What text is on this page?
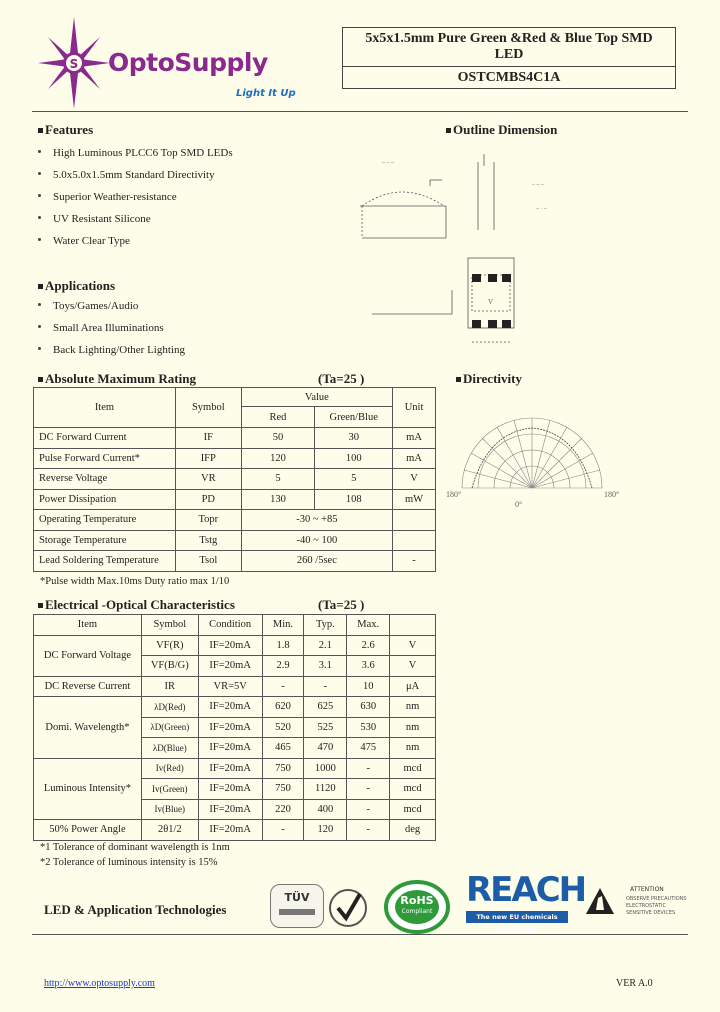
S OptoSupply
Light It Up
5x5x1.5mm Pure Green &Red & Blue Top SMD
LED
OSTCMBS4C1A
Features
High Luminous PLCC6 Top SMD LEDs
5.0x5.0x1.5mm Standard Directivity
Superior Weather-resistance
UV Resistant Silicone
Water Clear Type
Outline Dimension
– – –
– – –
– · –
V
Applications
Toys/Games/Audio
Small Area Illuminations
Back Lighting/Other Lighting
Absolute Maximum Rating	(Ta=25 )
Item	Symbol	Value		Unit
		Red	Green/Blue	
DC Forward Current	IF	50	30	mA
Pulse Forward Current*	IFP	120	100	mA
Reverse Voltage	VR	5	5	V
Power Dissipation	PD	130	108	mW
Operating Temperature	Topr	-30 ~ +85		
Storage Temperature	Tstg	-40 ~ 100		
Lead Soldering Temperature	Tsol	260 /5sec		-
*Pulse width Max.10ms Duty ratio max 1/10
Directivity
180°	180°
0°
Electrical -Optical Characteristics	(Ta=25 )
Item	Symbol	Condition	Min.	Typ.	Max.	
DC Forward Voltage	VF(R)	IF=20mA	1.8	2.1	2.6	V
	VF(B/G)	IF=20mA	2.9	3.1	3.6	V
DC Reverse Current	IR	VR=5V	-	-	10	μA
Domi. Wavelength*	λD(Red)	IF=20mA	620	625	630	nm
	λD(Green)	IF=20mA	520	525	530	nm
	λD(Blue)	IF=20mA	465	470	475	nm
Luminous Intensity*	Iv(Red)	IF=20mA	750	1000	-	mcd
	Iv(Green)	IF=20mA	750	1120	-	mcd
	Iv(Blue)	IF=20mA	220	400	-	mcd
50% Power Angle	2θ1/2	IF=20mA	-	120	-	deg
*1 Tolerance of dominant wavelength is 1nm
*2 Tolerance of luminous intensity is 15%
LED & Application Technologies
TÜV	RoHS
Compliant
REACH
The new EU chemicals legislation
ATTENTION
OBSERVE PRECAUTIONS
ELECTROSTATIC
SENSITIVE DEVICES
http://www.optosupply.com	VER A.0
